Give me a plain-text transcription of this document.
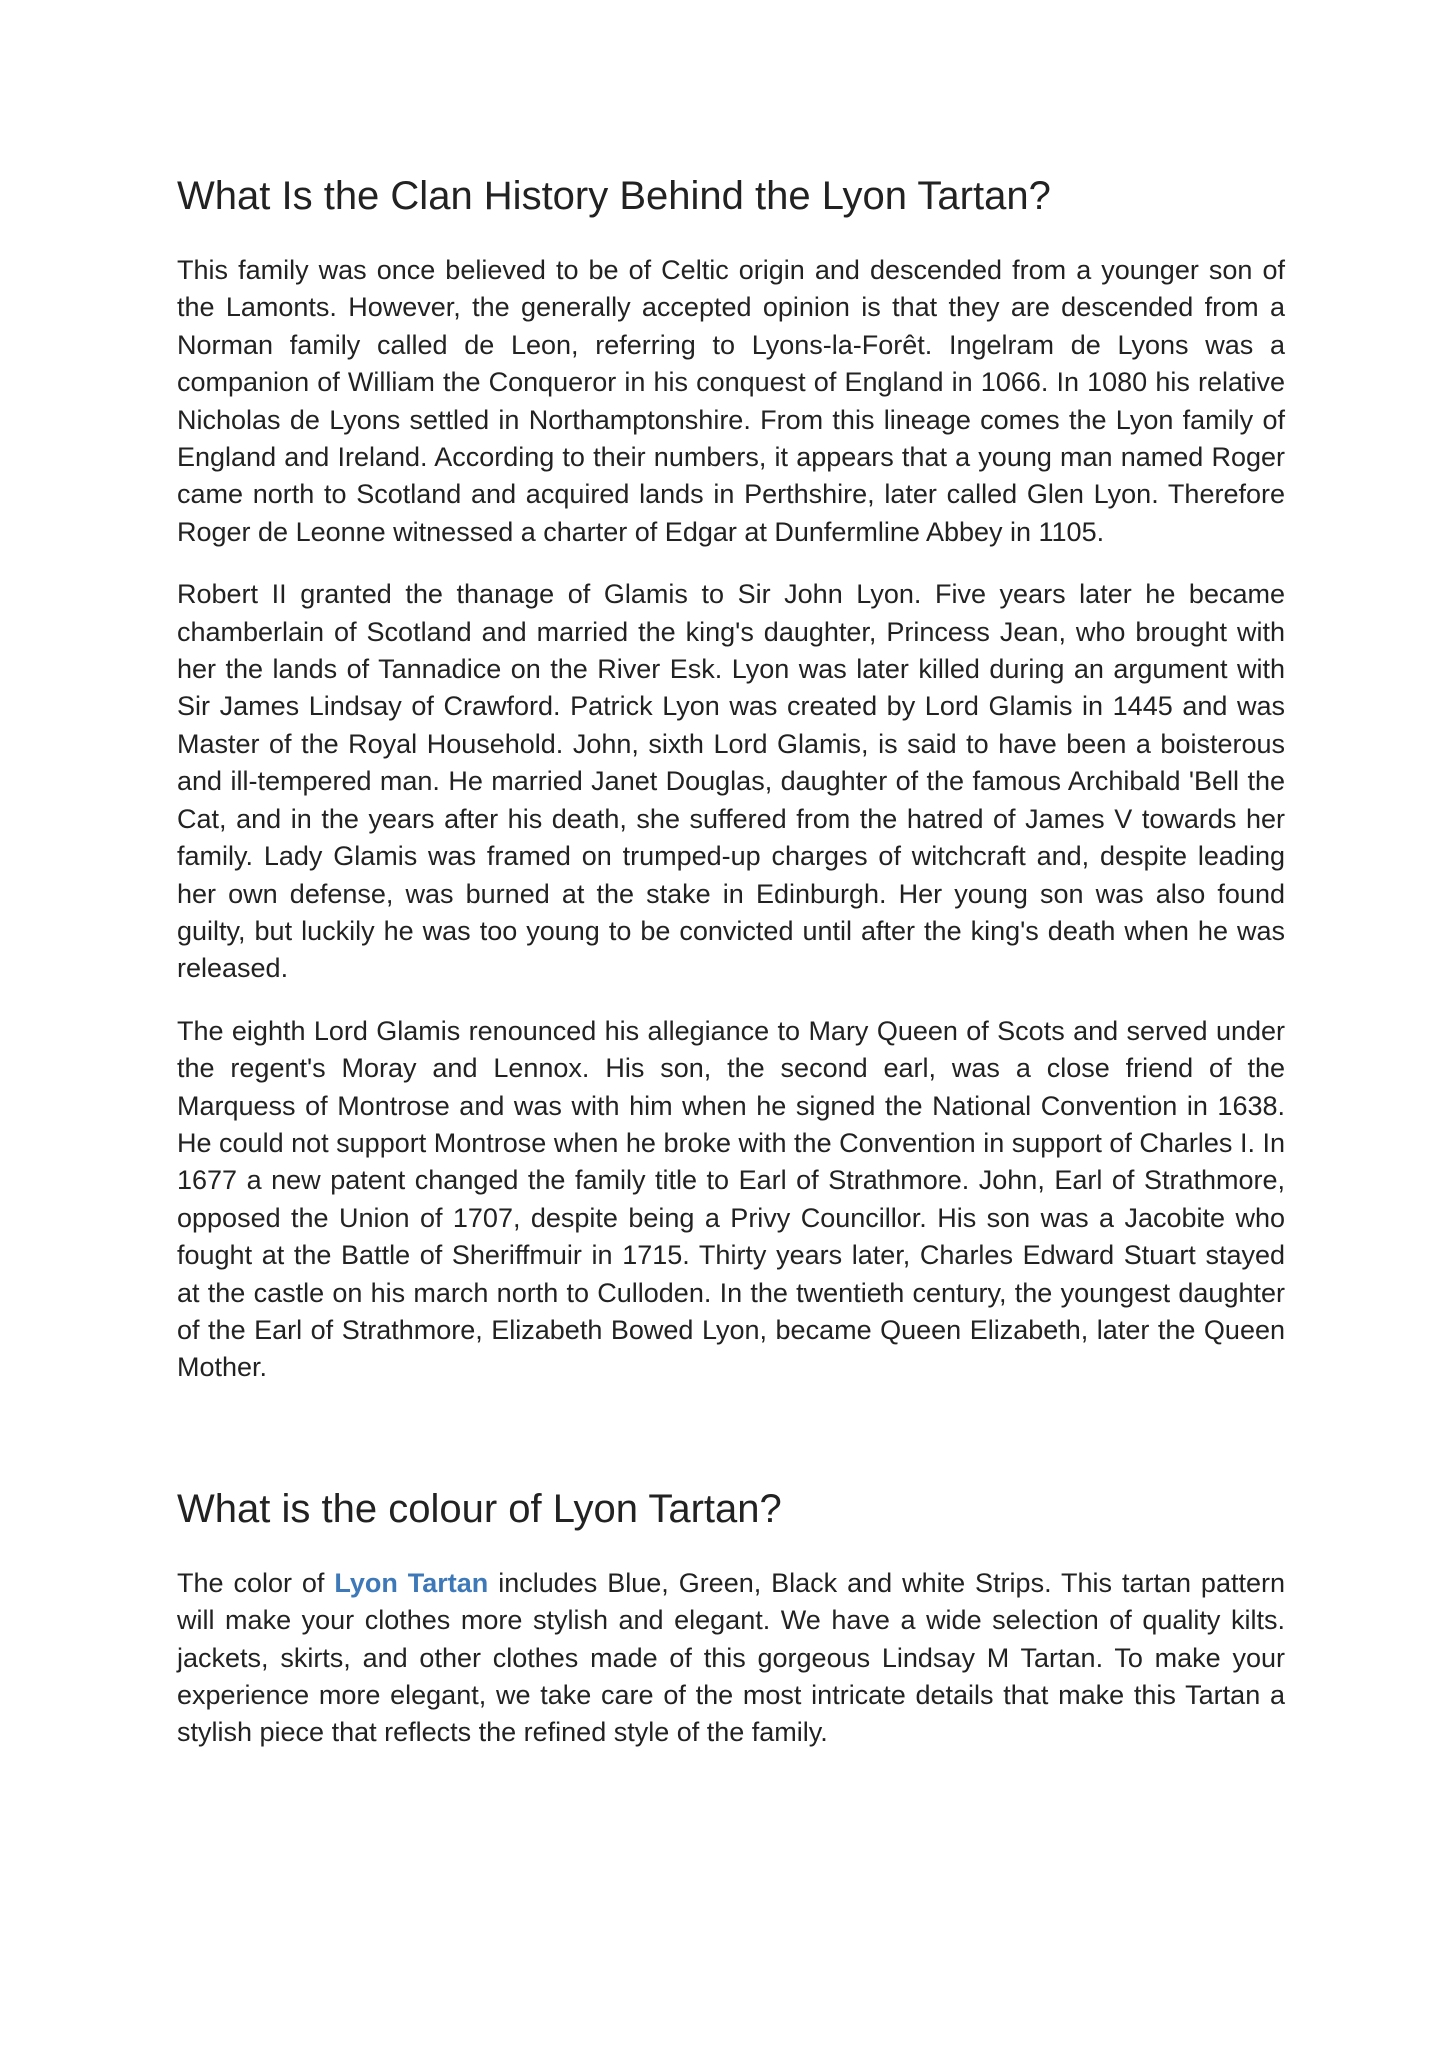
What Is the Clan History Behind the Lyon Tartan?

This family was once believed to be of Celtic origin and descended from a younger son of the Lamonts. However, the generally accepted opinion is that they are descended from a Norman family called de Leon, referring to Lyons-la-Forêt. Ingelram de Lyons was a companion of William the Conqueror in his conquest of England in 1066. In 1080 his relative Nicholas de Lyons settled in Northamptonshire. From this lineage comes the Lyon family of England and Ireland. According to their numbers, it appears that a young man named Roger came north to Scotland and acquired lands in Perthshire, later called Glen Lyon. Therefore Roger de Leonne witnessed a charter of Edgar at Dunfermline Abbey in 1105.

Robert II granted the thanage of Glamis to Sir John Lyon. Five years later he became chamberlain of Scotland and married the king's daughter, Princess Jean, who brought with her the lands of Tannadice on the River Esk. Lyon was later killed during an argument with Sir James Lindsay of Crawford. Patrick Lyon was created by Lord Glamis in 1445 and was Master of the Royal Household. John, sixth Lord Glamis, is said to have been a boisterous and ill-tempered man. He married Janet Douglas, daughter of the famous Archibald 'Bell the Cat, and in the years after his death, she suffered from the hatred of James V towards her family. Lady Glamis was framed on trumped-up charges of witchcraft and, despite leading her own defense, was burned at the stake in Edinburgh. Her young son was also found guilty, but luckily he was too young to be convicted until after the king's death when he was released.

The eighth Lord Glamis renounced his allegiance to Mary Queen of Scots and served under the regent's Moray and Lennox. His son, the second earl, was a close friend of the Marquess of Montrose and was with him when he signed the National Convention in 1638. He could not support Montrose when he broke with the Convention in support of Charles I. In 1677 a new patent changed the family title to Earl of Strathmore. John, Earl of Strathmore, opposed the Union of 1707, despite being a Privy Councillor. His son was a Jacobite who fought at the Battle of Sheriffmuir in 1715. Thirty years later, Charles Edward Stuart stayed at the castle on his march north to Culloden. In the twentieth century, the youngest daughter of the Earl of Strathmore, Elizabeth Bowed Lyon, became Queen Elizabeth, later the Queen Mother.

What is the colour of Lyon Tartan?

The color of Lyon Tartan includes Blue, Green, Black and white Strips. This tartan pattern will make your clothes more stylish and elegant. We have a wide selection of quality kilts. jackets, skirts, and other clothes made of this gorgeous Lindsay M Tartan. To make your experience more elegant, we take care of the most intricate details that make this Tartan a stylish piece that reflects the refined style of the family.
